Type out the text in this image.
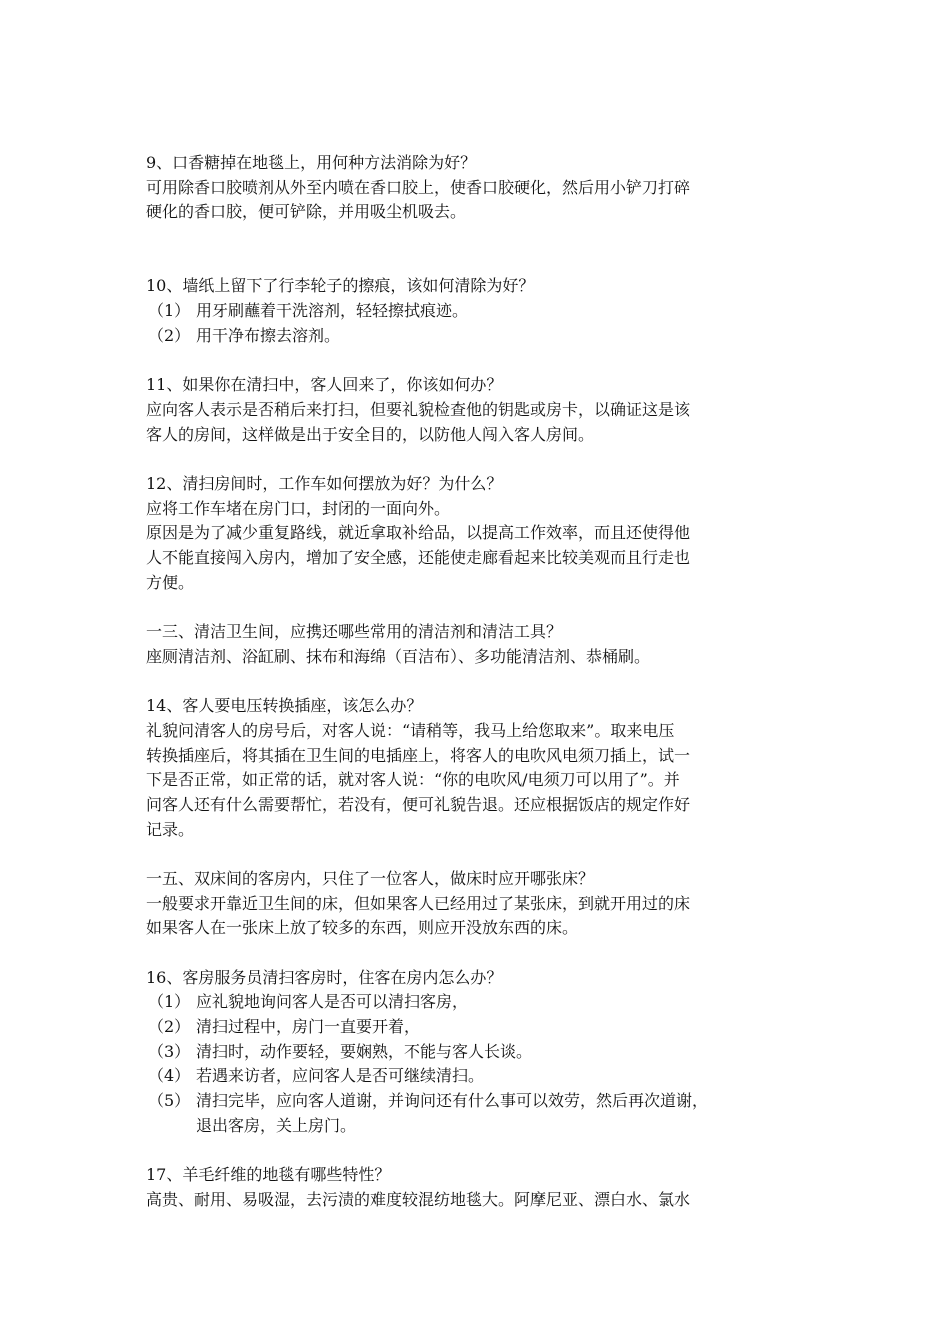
9、口香糖掉在地毯上，用何种方法消除为好？
可用除香口胶喷剂从外至内喷在香口胶上，使香口胶硬化，然后用小铲刀打碎
硬化的香口胶，便可铲除，并用吸尘机吸去。
10、墙纸上留下了行李轮子的擦痕，该如何清除为好？
（1） 用牙刷蘸着干洗溶剂，轻轻擦拭痕迹。
（2） 用干净布擦去溶剂。
11、如果你在清扫中，客人回来了，你该如何办？
应向客人表示是否稍后来打扫，但要礼貌检查他的钥匙或房卡，以确证这是该
客人的房间，这样做是出于安全目的，以防他人闯入客人房间。
12、清扫房间时，工作车如何摆放为好？为什么？
应将工作车堵在房门口，封闭的一面向外。
原因是为了减少重复路线，就近拿取补给品，以提高工作效率，而且还使得他
人不能直接闯入房内，增加了安全感，还能使走廊看起来比较美观而且行走也
方便。
一三、清洁卫生间，应携还哪些常用的清洁剂和清洁工具？
座厕清洁剂、浴缸刷、抹布和海绵（百洁布）、多功能清洁剂、恭桶刷。
14、客人要电压转换插座，该怎么办？
礼貌问清客人的房号后，对客人说：“请稍等，我马上给您取来”。取来电压
转换插座后，将其插在卫生间的电插座上，将客人的电吹风电须刀插上，试一
下是否正常，如正常的话，就对客人说：“你的电吹风/电须刀可以用了”。并
问客人还有什么需要帮忙，若没有，便可礼貌告退。还应根据饭店的规定作好
记录。
一五、双床间的客房内，只住了一位客人，做床时应开哪张床？
一般要求开靠近卫生间的床，但如果客人已经用过了某张床，到就开用过的床
如果客人在一张床上放了较多的东西，则应开没放东西的床。
16、客房服务员清扫客房时，住客在房内怎么办？
（1） 应礼貌地询问客人是否可以清扫客房，
（2） 清扫过程中，房门一直要开着，
（3） 清扫时，动作要轻，要娴熟，不能与客人长谈。
（4） 若遇来访者，应问客人是否可继续清扫。
（5） 清扫完毕，应向客人道谢，并询问还有什么事可以效劳，然后再次道谢，
退出客房，关上房门。
17、羊毛纤维的地毯有哪些特性？
高贵、耐用、易吸湿，去污渍的难度较混纺地毯大。阿摩尼亚、漂白水、氯水
